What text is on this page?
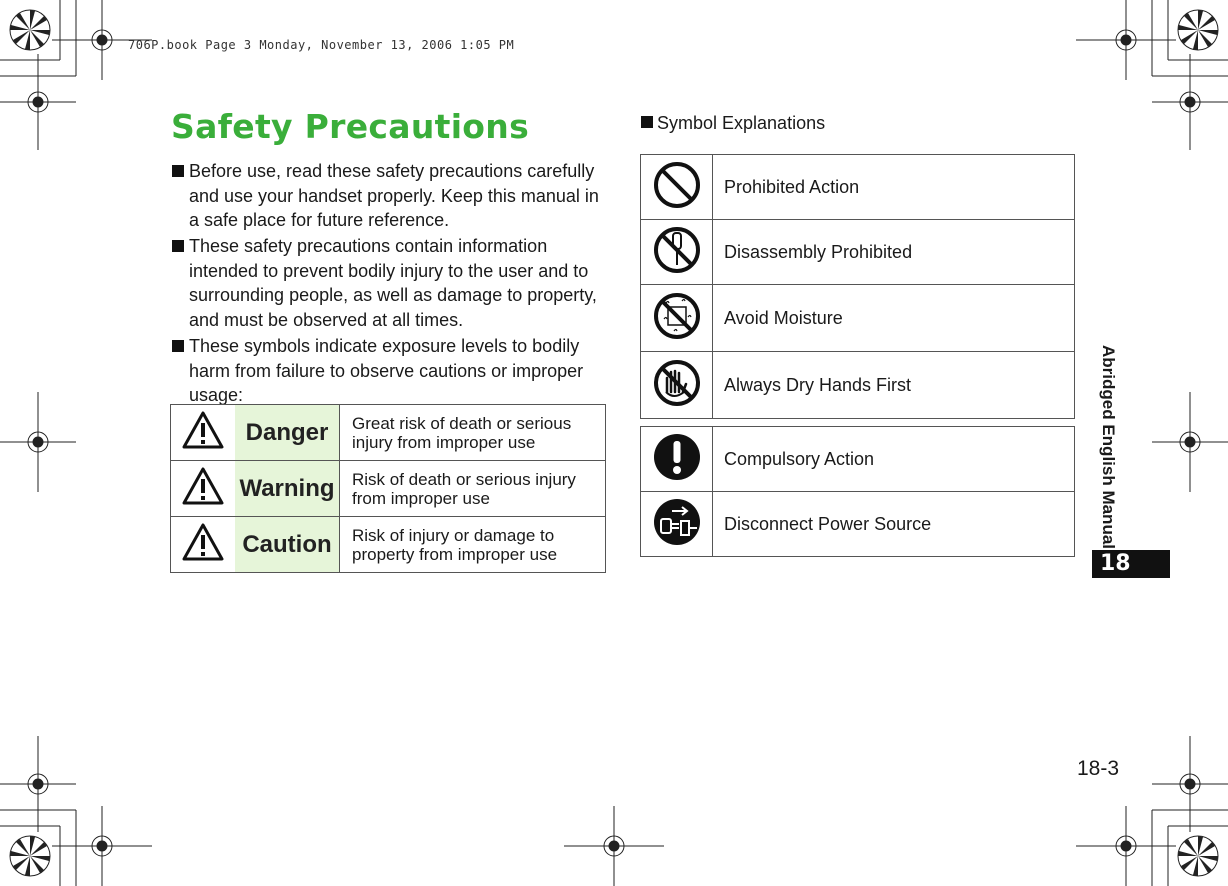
706P.book Page 3 Monday, November 13, 2006 1:05 PM
Safety Precautions
Before use, read these safety precautions carefully and use your handset properly. Keep this manual in a safe place for future reference.
These safety precautions contain information intended to prevent bodily injury to the user and to surrounding people, as well as damage to property, and must be observed at all times.
These symbols indicate exposure levels to bodily harm from failure to observe cautions or improper usage:
	Danger	Great risk of death or serious injury from improper use
	Warning	Risk of death or serious injury from improper use
	Caution	Risk of injury or damage to property from improper use
Symbol Explanations
	Prohibited Action
	Disassembly Prohibited
	Avoid Moisture
	Always Dry Hands First
	Compulsory Action
	Disconnect Power Source	Abridged English Manual
18
18-3
